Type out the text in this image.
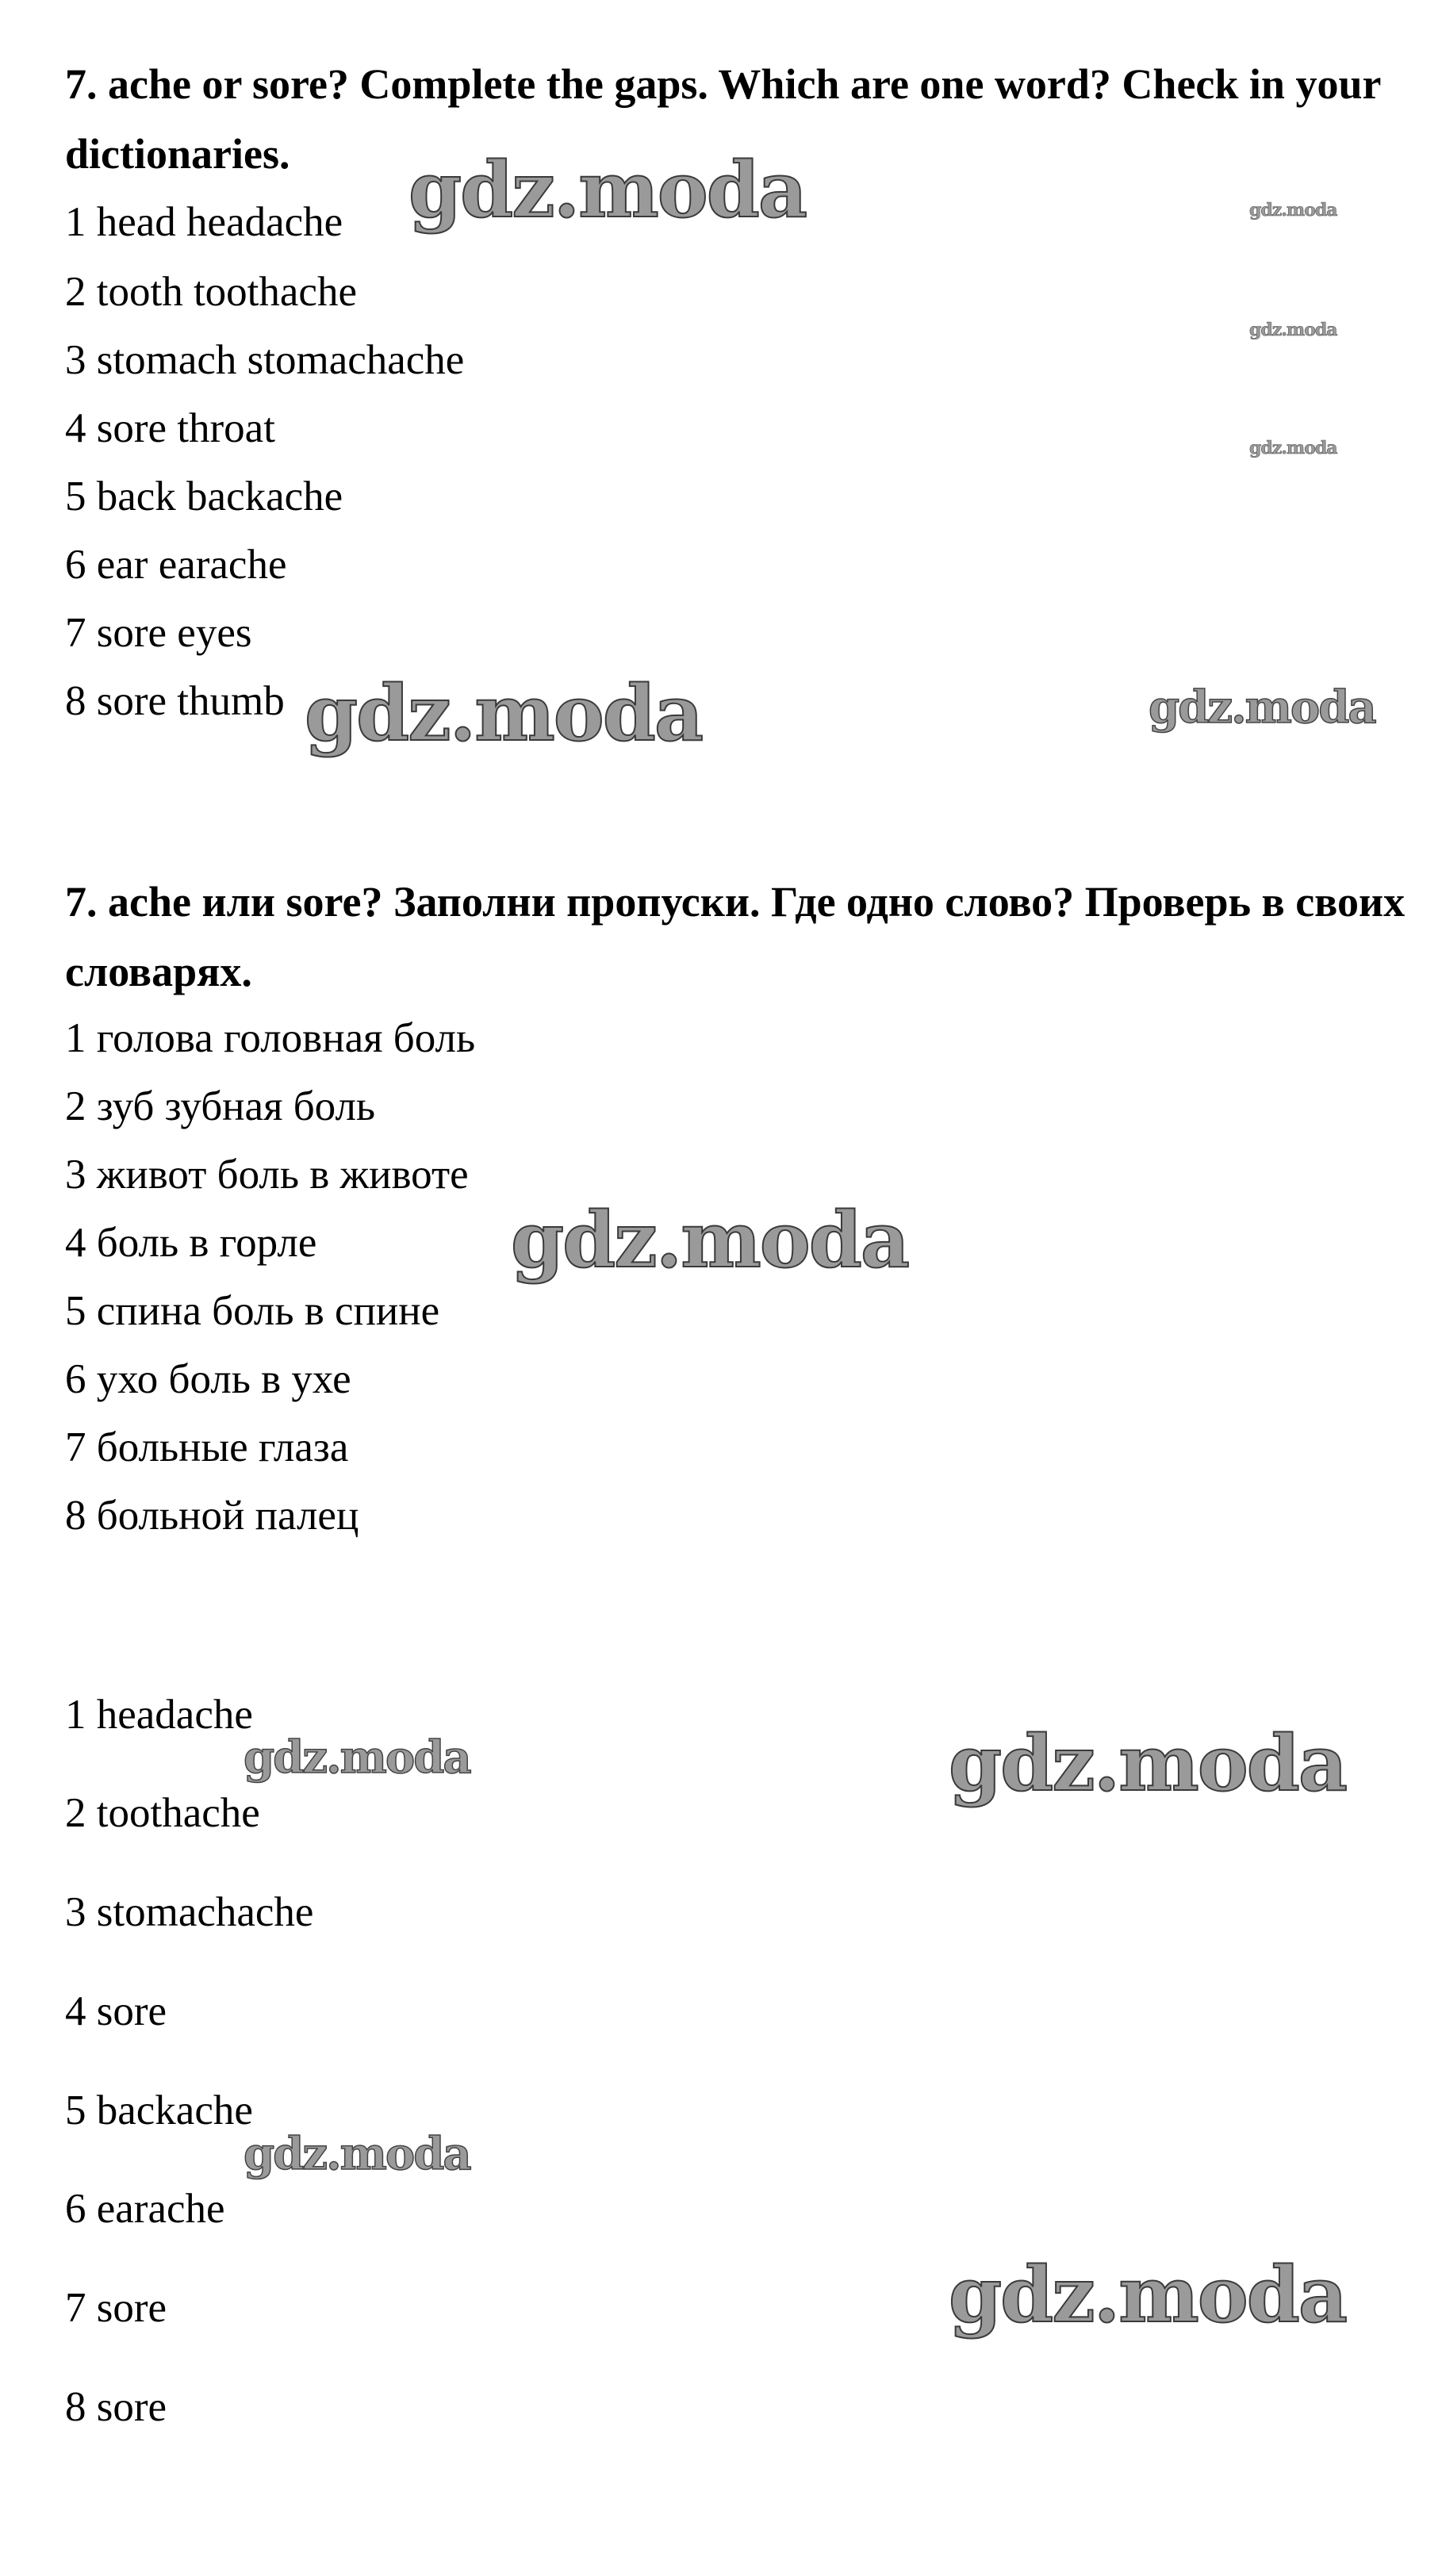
7. ache or sore? Complete the gaps. Which are one word? Check in your dictionaries.
1 head headache
2 tooth toothache
3 stomach stomachache
4 sore throat
5 back backache
6 ear earache
7 sore eyes
8 sore thumb
7. ache или sore? Заполни пропуски. Где одно слово? Проверь в своих словарях.
1 голова головная боль
2 зуб зубная боль
3 живот боль в животе
4 боль в горле
5 спина боль в спине
6 ухо боль в ухе
7 больные глаза
8 больной палец
1 headache
2 toothache
3 stomachache
4 sore
5 backache
6 earache
7 sore
8 sore
gdz.moda	gdz.moda
gdz.moda
gdz.moda
gdz.moda	gdz.moda
gdz.moda
gdz.moda	gdz.moda
gdz.moda
gdz.moda
